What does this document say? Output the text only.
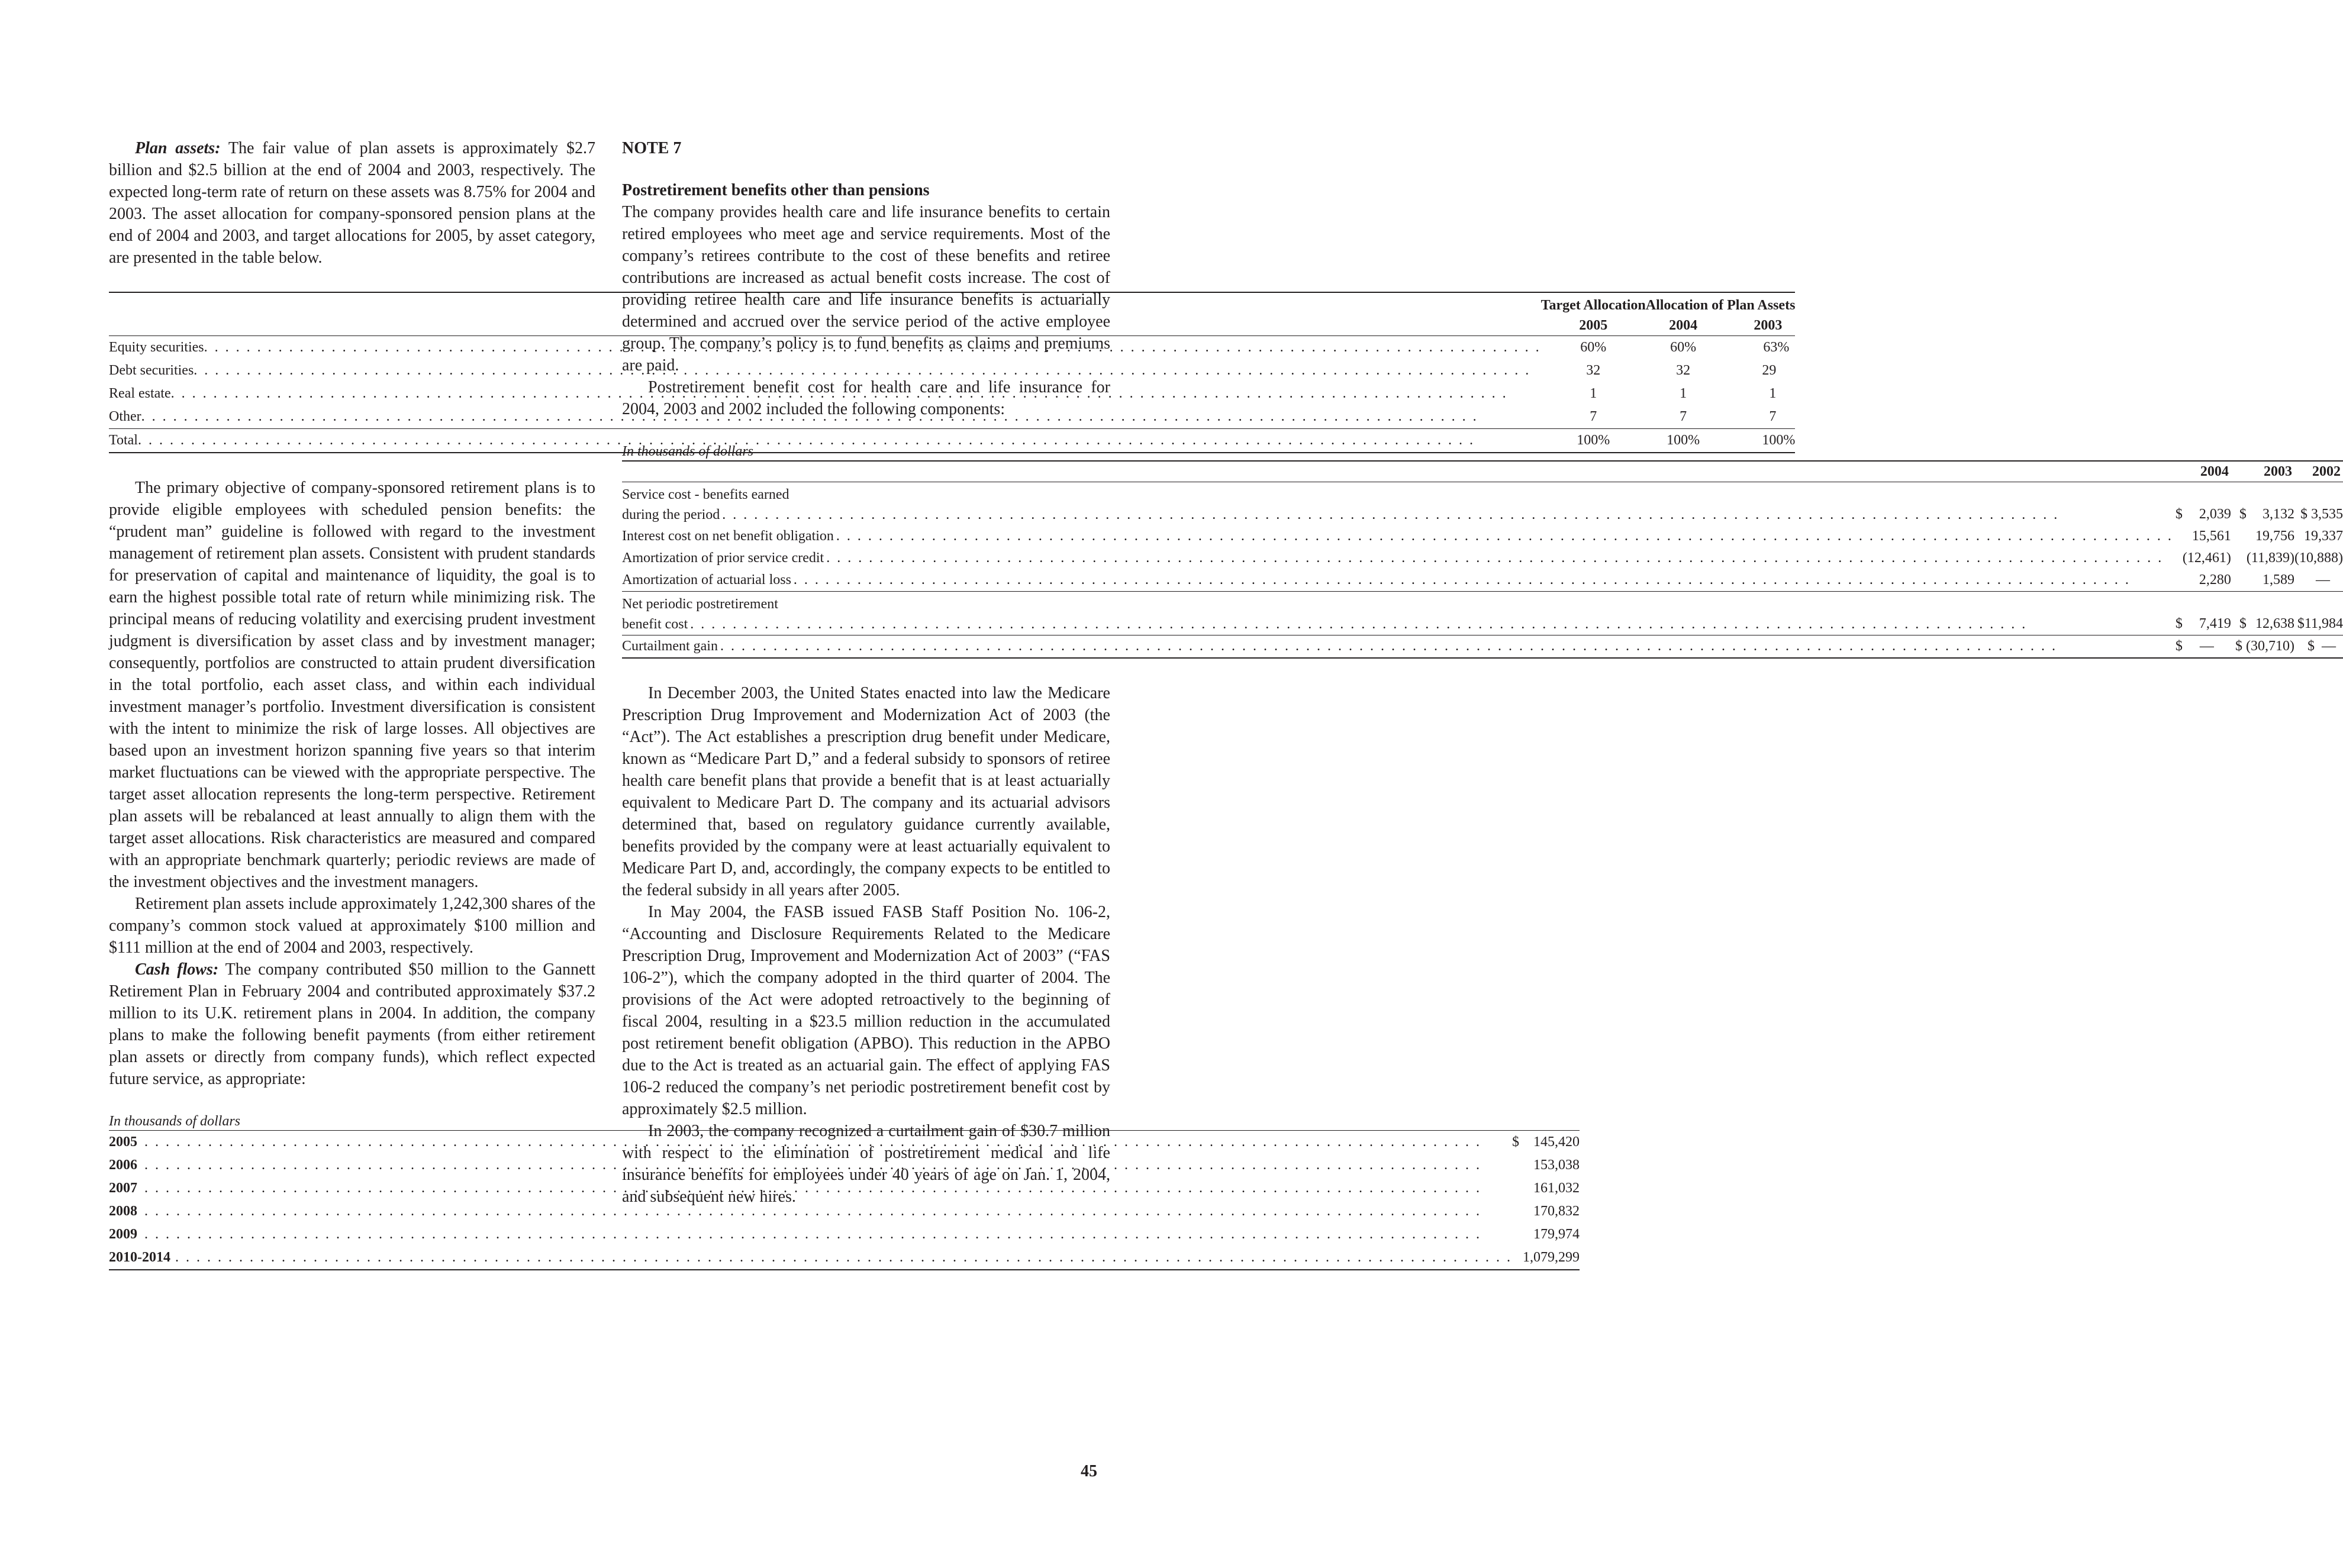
Plan assets: The fair value of plan assets is approximately $2.7 billion and $2.5 billion at the end of 2004 and 2003, respectively. The expected long-term rate of return on these assets was 8.75% for 2004 and 2003. The asset allocation for company-sponsored pension plans at the end of 2004 and 2003, and target allocations for 2005, by asset category, are presented in the table below.

	Target Allocation	Allocation of Plan Assets	
	2005	2004	2003

Equity securities
. . .	60%	60%	63%

Debt securities
. . .	32	32	29

Real estate
. . .	1	1	1

Other
. . .	7	7	7

Total
. . .	100%	100%	100%

The primary objective of company-sponsored retirement plans is to provide eligible employees with scheduled pension benefits: the “prudent man” guideline is followed with regard to the investment management of retirement plan assets. Consistent with prudent standards for preservation of capital and maintenance of liquidity, the goal is to earn the highest possible total rate of return while minimizing risk. The principal means of reducing volatility and exercising prudent investment judgment is diversification by asset class and by investment manager; consequently, portfolios are constructed to attain prudent diversification in the total portfolio, each asset class, and within each individual investment manager’s portfolio. Investment diversification is consistent with the intent to minimize the risk of large losses. All objectives are based upon an investment horizon spanning five years so that interim market fluctuations can be viewed with the appropriate perspective. The target asset allocation represents the long-term perspective. Retirement plan assets will be rebalanced at least annually to align them with the target asset allocations. Risk characteristics are measured and compared with an appropriate benchmark quarterly; periodic reviews are made of the investment objectives and the investment managers.

Retirement plan assets include approximately 1,242,300 shares of the company’s common stock valued at approximately $100 million and $111 million at the end of 2004 and 2003, respectively.

Cash flows: The company contributed $50 million to the Gannett Retirement Plan in February 2004 and contributed approximately $37.2 million to its U.K. retirement plans in 2004. In addition, the company plans to make the following benefit payments (from either retirement plan assets or directly from company funds), which reflect expected future service, as appropriate:

In thousands of dollars
2005
. . .	$	145,420

2006
. . .		153,038

2007
. . .		161,032

2008
. . .		170,832

2009
. . .		179,974

2010-2014
. . .		1,079,299
NOTE 7
Postretirement benefits other than pensions

The company provides health care and life insurance benefits to certain retired employees who meet age and service requirements. Most of the company’s retirees contribute to the cost of these benefits and retiree contributions are increased as actual benefit costs increase. The cost of providing retiree health care and life insurance benefits is actuarially determined and accrued over the service period of the active employee group. The company’s policy is to fund benefits as claims and premiums are paid.

Postretirement benefit cost for health care and life insurance for 2004, 2003 and 2002 included the following components:

In thousands of dollars
	2004		2003		2002
Service cost - benefits earned					

during the period
. . .	$	2,039	$	3,132	$ 3,535

Interest cost on net benefit obligation
. . .		15,561		19,756	19,337

Amortization of prior service credit
. . .		(12,461)		(11,839)	(10,888)

Amortization of actuarial loss
. . .		2,280		1,589	—
Net periodic postretirement					

benefit cost
. . .	$	7,419	$	12,638	$11,984

Curtailment gain
. . .	$	—	$ (30,710)		$  —

In December 2003, the United States enacted into law the Medicare Prescription Drug Improvement and Modernization Act of 2003 (the “Act”). The Act establishes a prescription drug benefit under Medicare, known as “Medicare Part D,” and a federal subsidy to sponsors of retiree health care benefit plans that provide a benefit that is at least actuarially equivalent to Medicare Part D. The company and its actuarial advisors determined that, based on regulatory guidance currently available, benefits provided by the company were at least actuarially equivalent to Medicare Part D, and, accordingly, the company expects to be entitled to the federal subsidy in all years after 2005.

In May 2004, the FASB issued FASB Staff Position No. 106-2, “Accounting and Disclosure Requirements Related to the Medicare Prescription Drug, Improvement and Modernization Act of 2003” (“FAS 106-2”), which the company adopted in the third quarter of 2004. The provisions of the Act were adopted retroactively to the beginning of fiscal 2004, resulting in a $23.5 million reduction in the accumulated post retirement benefit obligation (APBO). This reduction in the APBO due to the Act is treated as an actuarial gain. The effect of applying FAS 106-2 reduced the company’s net periodic postretirement benefit cost by approximately $2.5 million.

In 2003, the company recognized a curtailment gain of $30.7 million with respect to the elimination of postretirement medical and life insurance benefits for employees under 40 years of age on Jan. 1, 2004, and subsequent new hires.

45
